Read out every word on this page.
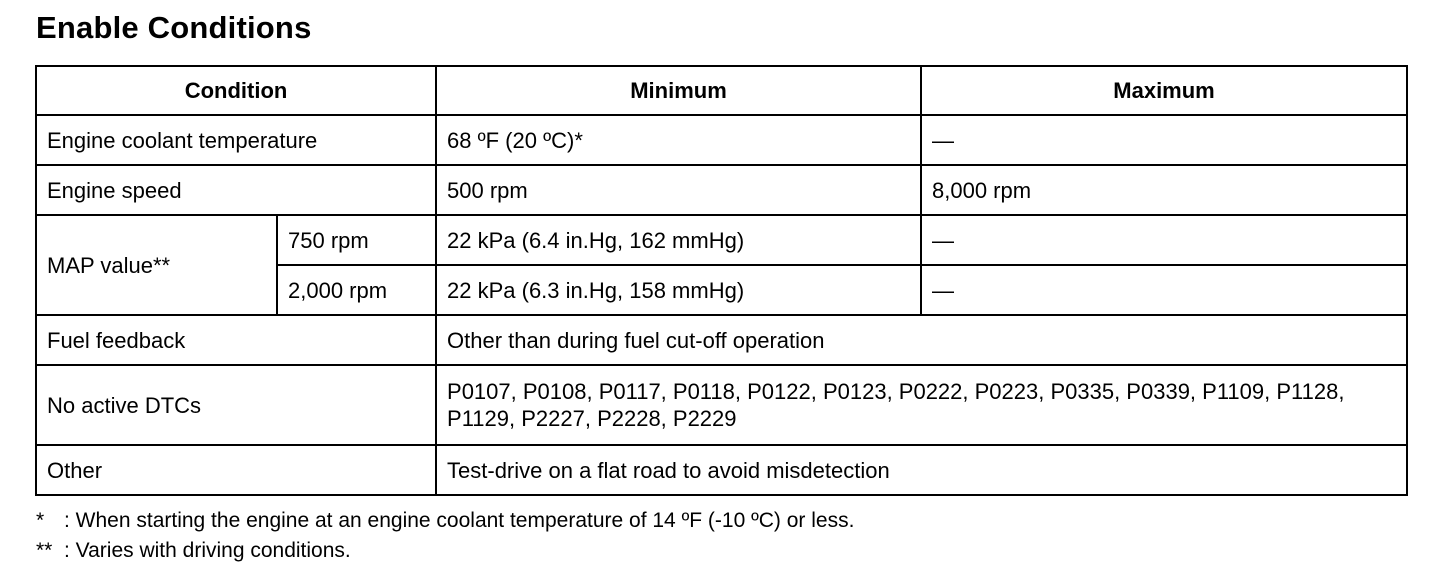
Enable Conditions
Condition		Minimum	Maximum
Engine coolant temperature		68 ºF (20 ºC)*	—
Engine speed		500 rpm	8,000 rpm
MAP value**	750 rpm	22 kPa (6.4 in.Hg, 162 mmHg)	—
	2,000 rpm	22 kPa (6.3 in.Hg, 158 mmHg)	—
Fuel feedback		Other than during fuel cut-off operation	
No active DTCs		P0107, P0108, P0117, P0118, P0122, P0123, P0222, P0223, P0335, P0339, P1109, P1128, P1129, P2227, P2228, P2229	
Other		Test-drive on a flat road to avoid misdetection	
* : When starting the engine at an engine coolant temperature of 14 ºF (-10 ºC) or less.
** : Varies with driving conditions.
